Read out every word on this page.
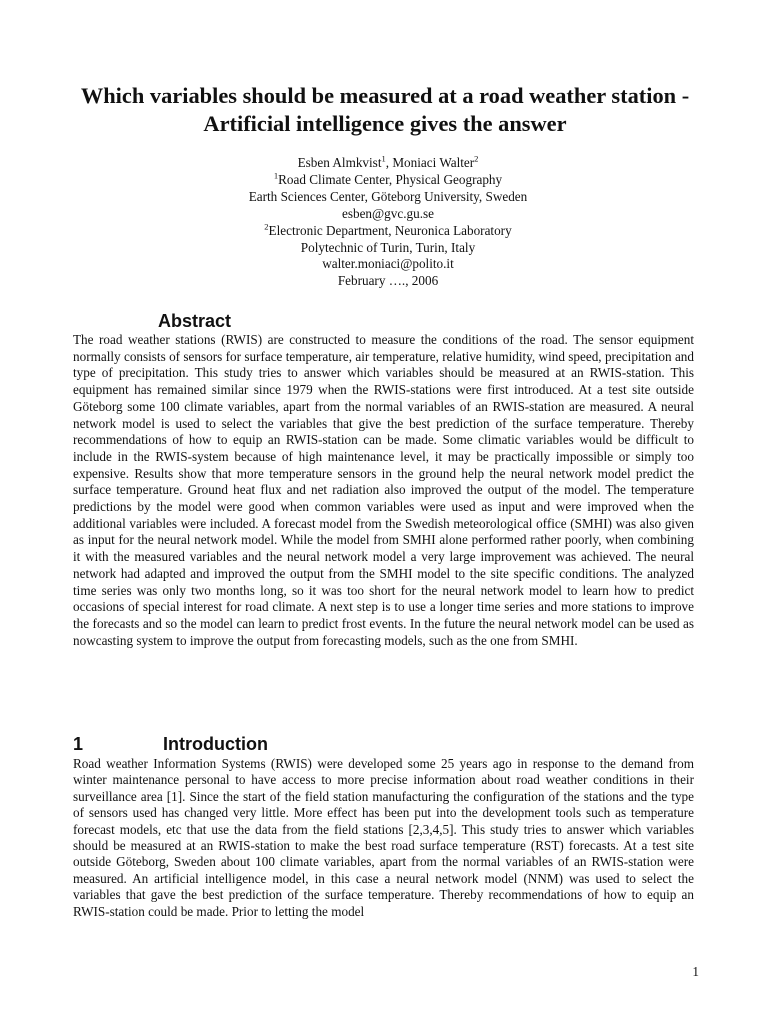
Which variables should be measured at a road weather station - Artificial intelligence gives the answer
Esben Almkvist$^1$, Moniaci Walter$^2$
$^1$Road Climate Center, Physical Geography
Earth Sciences Center, Göteborg University, Sweden
esben@gvc.gu.se
$^2$Electronic Department, Neuronica Laboratory
Polytechnic of Turin, Turin, Italy
walter.moniaci@polito.it
February …., 2006
Abstract

The road weather stations (RWIS) are constructed to measure the conditions of the road. The sensor equipment normally consists of sensors for surface temperature, air temperature, relative humidity, wind speed, precipitation and type of precipitation. This study tries to answer which variables should be measured at an RWIS-station. This equipment has remained similar since 1979 when the RWIS-stations were first introduced. At a test site outside Göteborg some 100 climate variables, apart from the normal variables of an RWIS-station are measured. A neural network model is used to select the variables that give the best prediction of the surface temperature. Thereby recommendations of how to equip an RWIS-station can be made. Some climatic variables would be difficult to include in the RWIS-system because of high maintenance level, it may be practically impossible or simply too expensive. Results show that more temperature sensors in the ground help the neural network model predict the surface temperature. Ground heat flux and net radiation also improved the output of the model. The temperature predictions by the model were good when common variables were used as input and were improved when the additional variables were included. A forecast model from the Swedish meteorological office (SMHI) was also given as input for the neural network model. While the model from SMHI alone performed rather poorly, when combining it with the measured variables and the neural network model a very large improvement was achieved. The neural network had adapted and improved the output from the SMHI model to the site specific conditions. The analyzed time series was only two months long, so it was too short for the neural network model to learn how to predict occasions of special interest for road climate. A next step is to use a longer time series and more stations to improve the forecasts and so the model can learn to predict frost events. In the future the neural network model can be used as nowcasting system to improve the output from forecasting models, such as the one from SMHI.

1	Introduction

Road weather Information Systems (RWIS) were developed some 25 years ago in response to the demand from winter maintenance personal to have access to more precise information about road weather conditions in their surveillance area [1]. Since the start of the field station manufacturing the configuration of the stations and the type of sensors used has changed very little. More effect has been put into the development tools such as temperature forecast models, etc that use the data from the field stations [2,3,4,5]. This study tries to answer which variables should be measured at an RWIS-station to make the best road surface temperature (RST) forecasts. At a test site outside Göteborg, Sweden about 100 climate variables, apart from the normal variables of an RWIS-station were measured. An artificial intelligence model, in this case a neural network model (NNM) was used to select the variables that gave the best prediction of the surface temperature. Thereby recommendations of how to equip an RWIS-station could be made. Prior to letting the model

1
